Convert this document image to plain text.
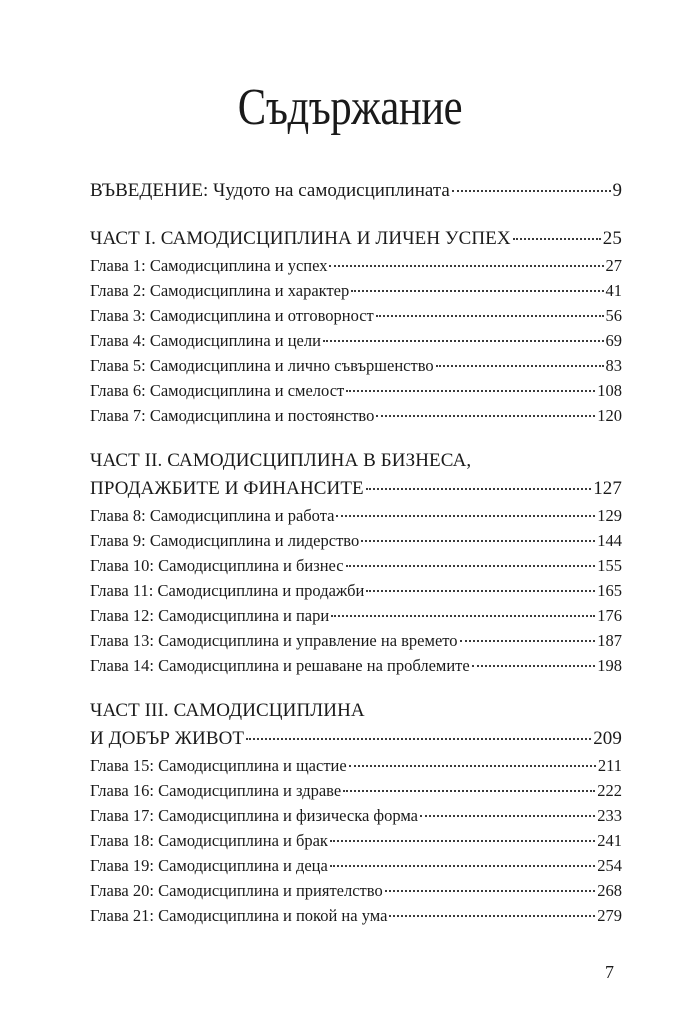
Съдържание
ВЪВЕДЕНИЕ: Чудото на самодисциплината	9
ЧАСТ I. САМОДИСЦИПЛИНА И ЛИЧЕН УСПЕХ	25
Глава 1: Самодисциплина и успех	27
Глава 2: Самодисциплина и характер	41
Глава 3: Самодисциплина и отговорност	56
Глава 4: Самодисциплина и цели	69
Глава 5: Самодисциплина и лично съвършенство	83
Глава 6: Самодисциплина и смелост	108
Глава 7: Самодисциплина и постоянство	120
ЧАСТ II. САМОДИСЦИПЛИНА В БИЗНЕСА,
ПРОДАЖБИТЕ И ФИНАНСИТЕ	127
Глава 8: Самодисциплина и работа	129
Глава 9: Самодисциплина и лидерство	144
Глава 10: Самодисциплина и бизнес	155
Глава 11: Самодисциплина и продажби	165
Глава 12: Самодисциплина и пари	176
Глава 13: Самодисциплина и управление на времето	187
Глава 14: Самодисциплина и решаване на проблемите	198
ЧАСТ III. САМОДИСЦИПЛИНА
И ДОБЪР ЖИВОТ	209
Глава 15: Самодисциплина и щастие	211
Глава 16: Самодисциплина и здраве	222
Глава 17: Самодисциплина и физическа форма	233
Глава 18: Самодисциплина и брак	241
Глава 19: Самодисциплина и деца	254
Глава 20: Самодисциплина и приятелство	268
Глава 21: Самодисциплина и покой на ума	279
7
